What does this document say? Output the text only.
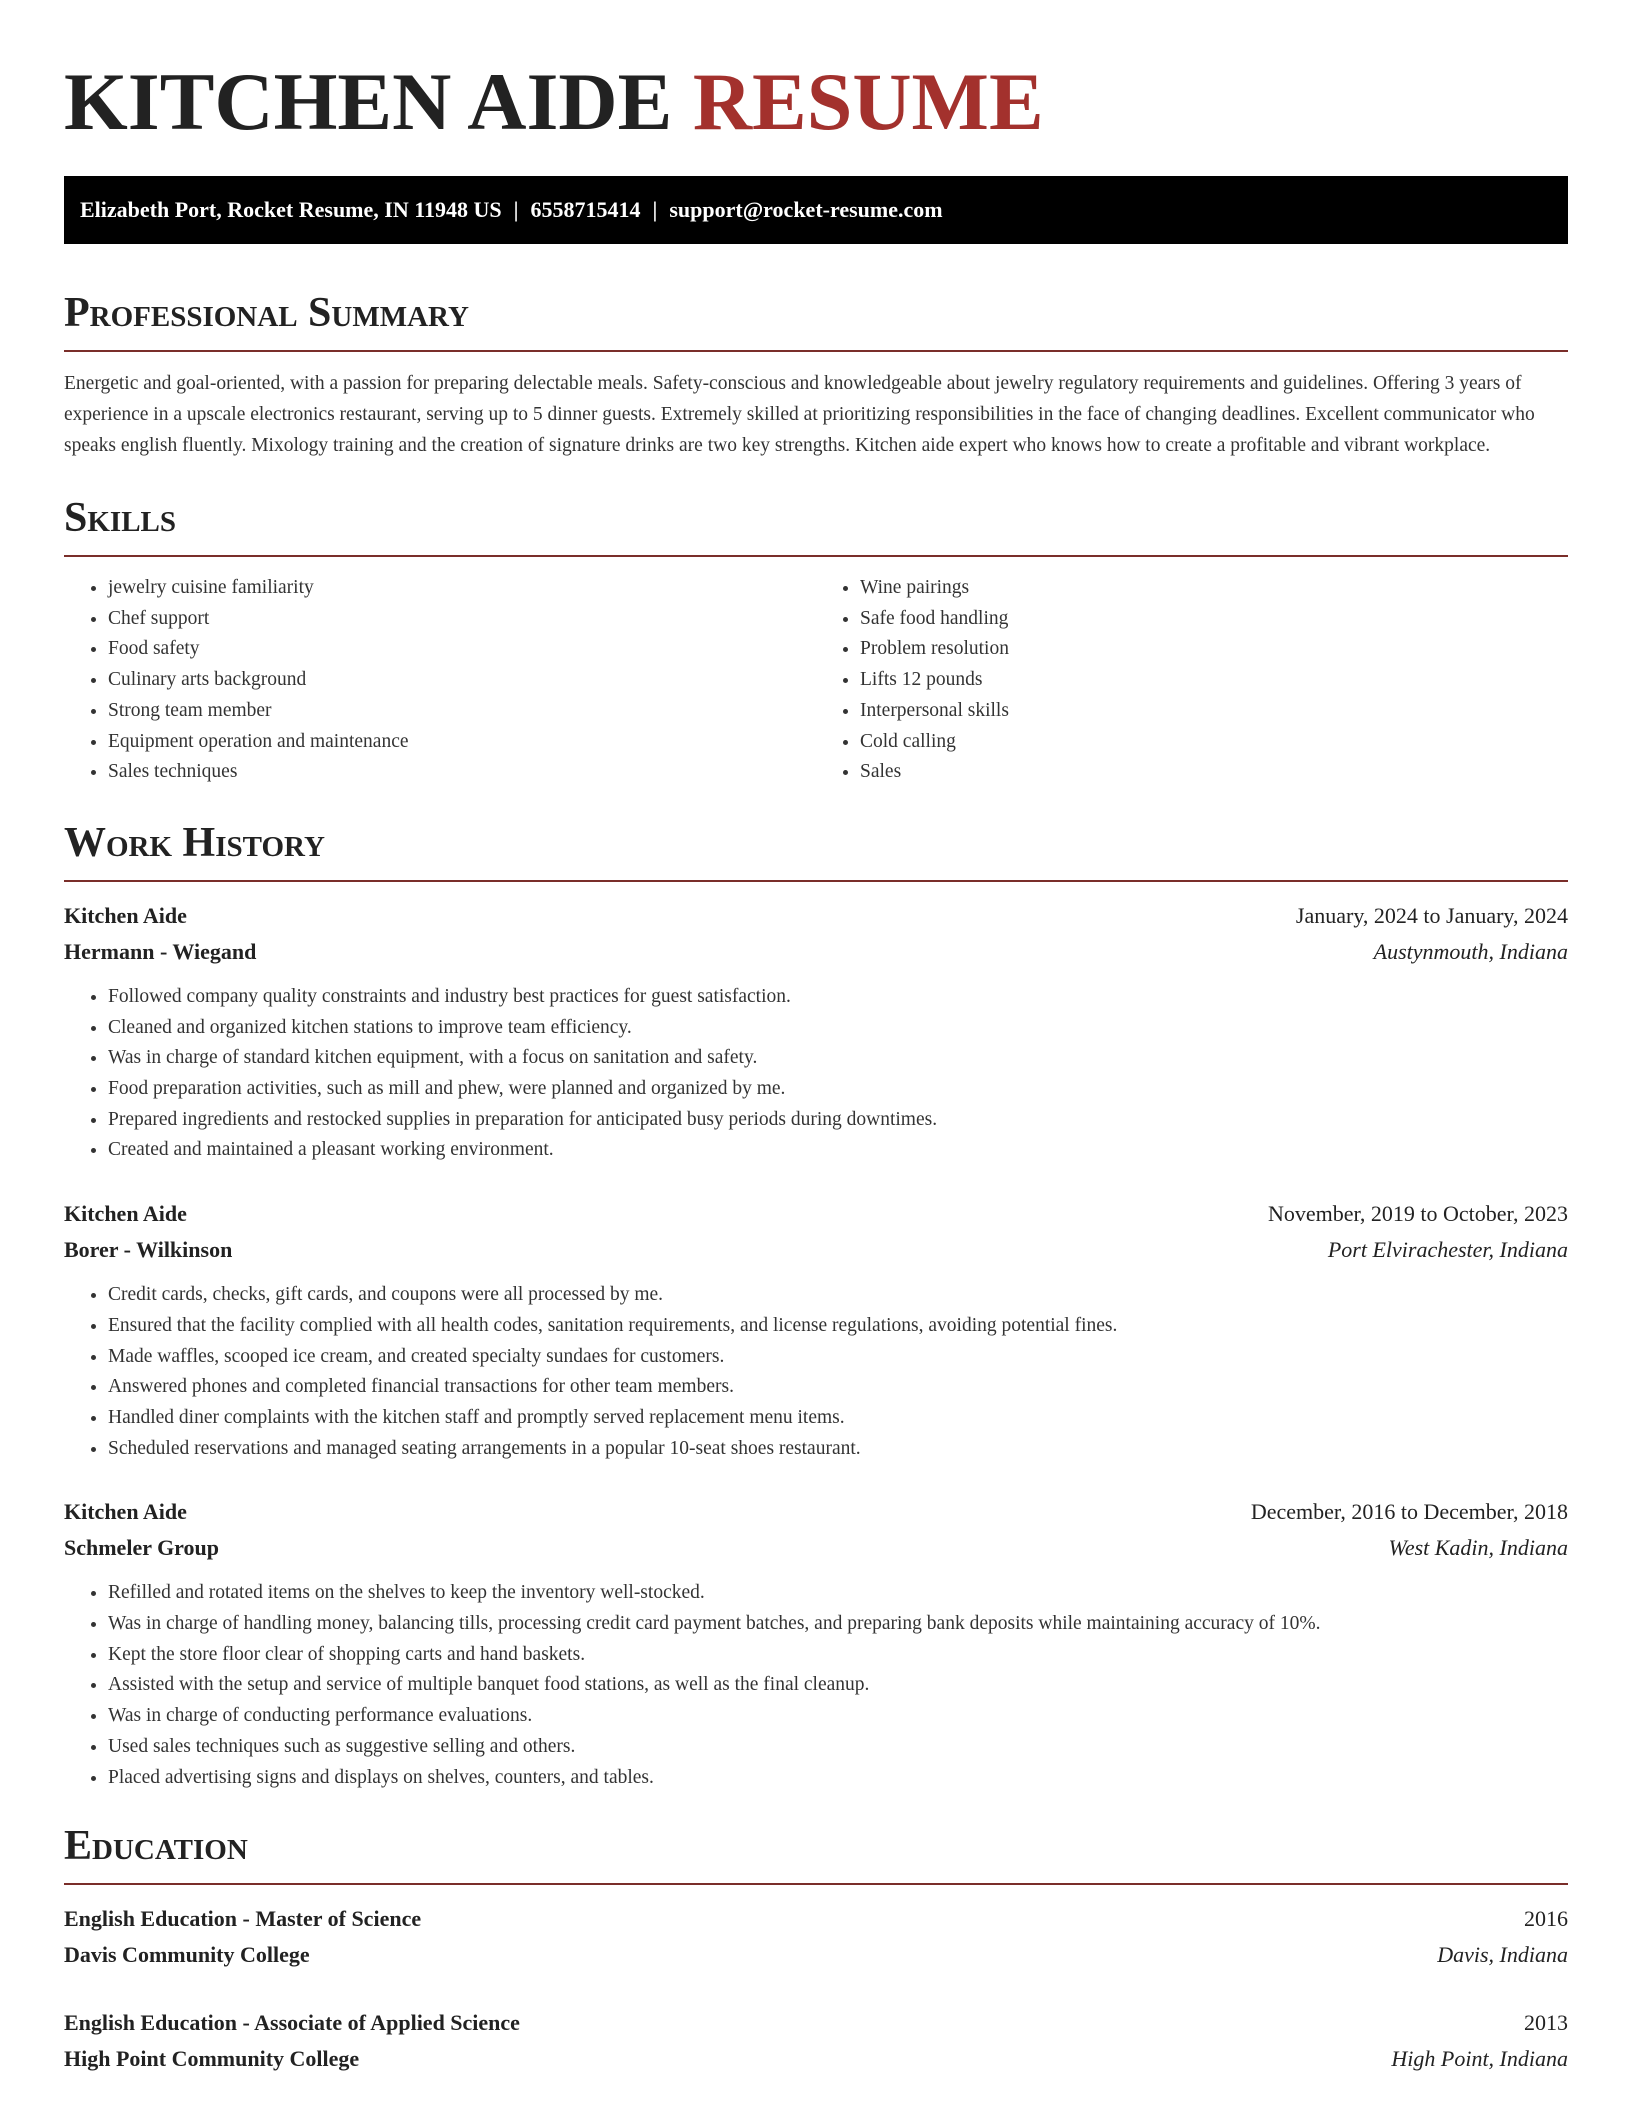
KITCHEN AIDE RESUME
Elizabeth Port, Rocket Resume, IN 11948 US | 6558715414 | support@rocket-resume.com
Professional Summary
Energetic and goal-oriented, with a passion for preparing delectable meals. Safety-conscious and knowledgeable about jewelry regulatory requirements and guidelines. Offering 3 years of experience in a upscale electronics restaurant, serving up to 5 dinner guests. Extremely skilled at prioritizing responsibilities in the face of changing deadlines. Excellent communicator who speaks english fluently. Mixology training and the creation of signature drinks are two key strengths. Kitchen aide expert who knows how to create a profitable and vibrant workplace.
Skills
• jewelry cuisine familiarity
• Chef support
• Food safety
• Culinary arts background
• Strong team member
• Equipment operation and maintenance
• Sales techniques
• Wine pairings
• Safe food handling
• Problem resolution
• Lifts 12 pounds
• Interpersonal skills
• Cold calling
• Sales
Work History
Kitchen Aide	January, 2024 to January, 2024
Hermann - Wiegand	Austynmouth, Indiana
• Followed company quality constraints and industry best practices for guest satisfaction.
• Cleaned and organized kitchen stations to improve team efficiency.
• Was in charge of standard kitchen equipment, with a focus on sanitation and safety.
• Food preparation activities, such as mill and phew, were planned and organized by me.
• Prepared ingredients and restocked supplies in preparation for anticipated busy periods during downtimes.
• Created and maintained a pleasant working environment.
Kitchen Aide	November, 2019 to October, 2023
Borer - Wilkinson	Port Elvirachester, Indiana
• Credit cards, checks, gift cards, and coupons were all processed by me.
• Ensured that the facility complied with all health codes, sanitation requirements, and license regulations, avoiding potential fines.
• Made waffles, scooped ice cream, and created specialty sundaes for customers.
• Answered phones and completed financial transactions for other team members.
• Handled diner complaints with the kitchen staff and promptly served replacement menu items.
• Scheduled reservations and managed seating arrangements in a popular 10-seat shoes restaurant.
Kitchen Aide	December, 2016 to December, 2018
Schmeler Group	West Kadin, Indiana
• Refilled and rotated items on the shelves to keep the inventory well-stocked.
• Was in charge of handling money, balancing tills, processing credit card payment batches, and preparing bank deposits while maintaining accuracy of 10%.
• Kept the store floor clear of shopping carts and hand baskets.
• Assisted with the setup and service of multiple banquet food stations, as well as the final cleanup.
• Was in charge of conducting performance evaluations.
• Used sales techniques such as suggestive selling and others.
• Placed advertising signs and displays on shelves, counters, and tables.
Education
English Education - Master of Science	2016
Davis Community College	Davis, Indiana
English Education - Associate of Applied Science	2013
High Point Community College	High Point, Indiana
